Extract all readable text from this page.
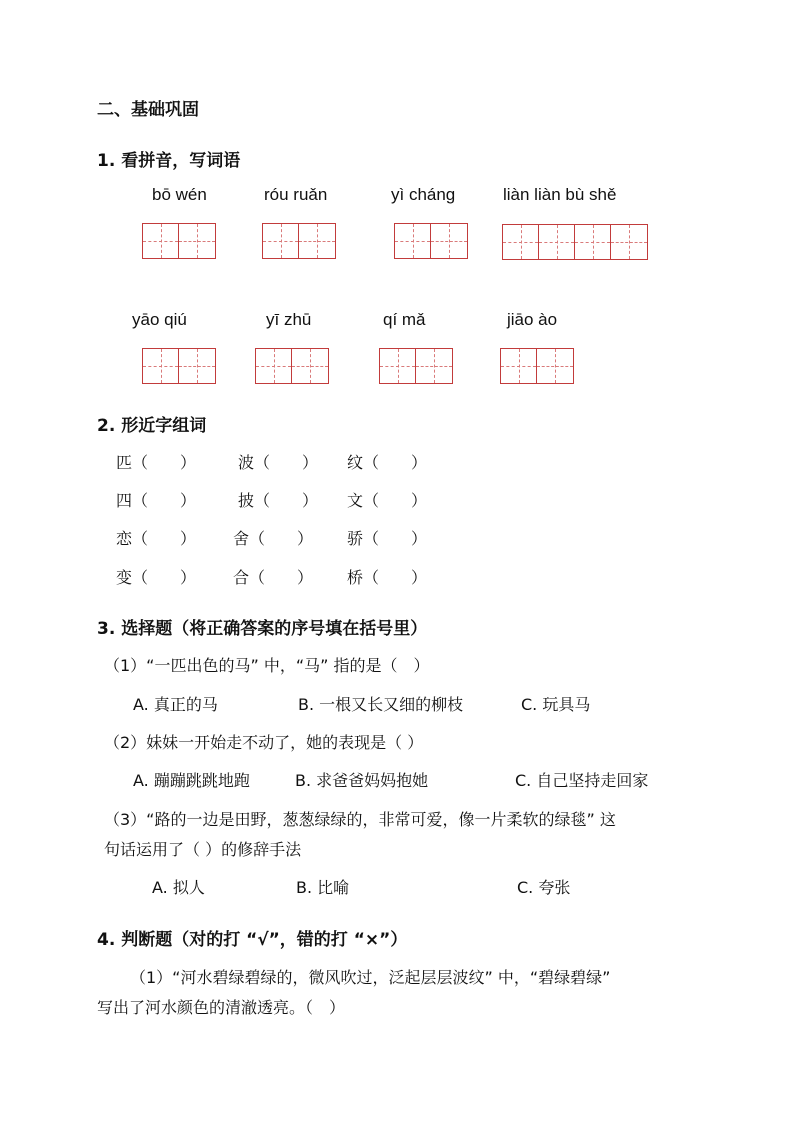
二、基础巩固
1. 看拼音，写词语
bō wén	róu ruǎn	yì cháng	liàn liàn bù shě
yāo qiú	yī zhū	qí mǎ	jiāo ào
2. 形近字组词
匹（　　）	波（　　） 纹（　　）
四（　　）	披（　　） 文（　　）
恋（　　） 舍（　　） 骄（　　）
变（　　） 合（　　） 桥（　　）
3. 选择题（将正确答案的序号填在括号里）
（1）“一匹出色的马” 中，“马” 指的是（　）
A. 真正的马	B. 一根又长又细的柳枝	C. 玩具马
（2）妹妹一开始走不动了，她的表现是（ ）
A. 蹦蹦跳跳地跑	B. 求爸爸妈妈抱她	C. 自己坚持走回家
（3）“路的一边是田野，葱葱绿绿的，非常可爱，像一片柔软的绿毯” 这
句话运用了（ ）的修辞手法
A. 拟人	B. 比喻	C. 夸张
4. 判断题（对的打 “√”，错的打 “×”）
（1）“河水碧绿碧绿的，微风吹过，泛起层层波纹” 中，“碧绿碧绿”
写出了河水颜色的清澈透亮。（　）
